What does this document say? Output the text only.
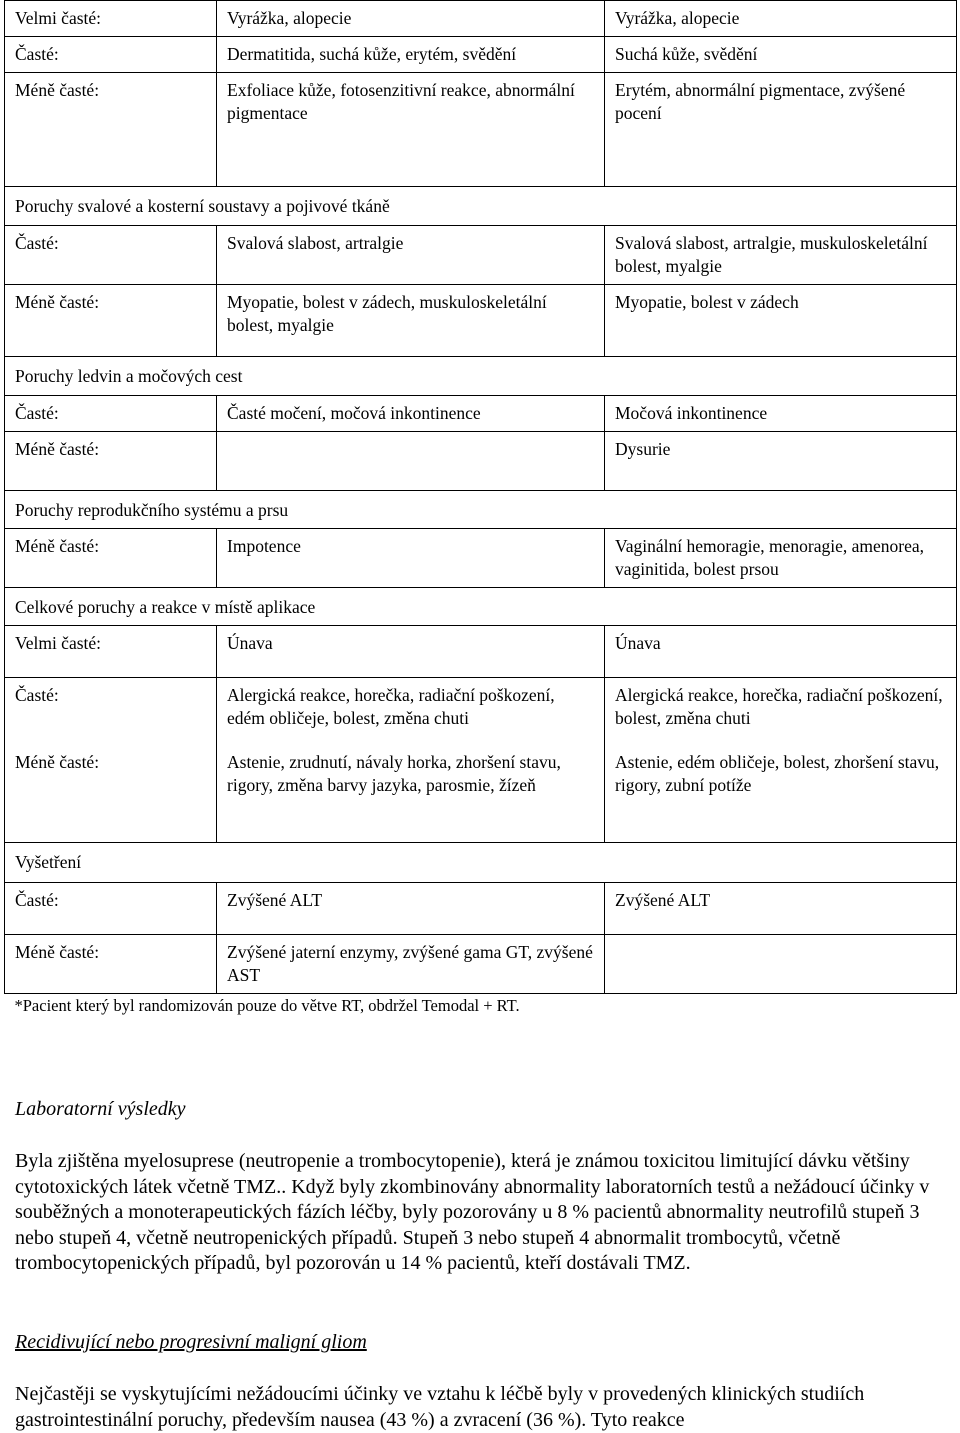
Velmi časté:	Vyrážka, alopecie	Vyrážka, alopecie
Časté:	Dermatitida, suchá kůže, erytém, svědění	Suchá kůže, svědění
Méně časté:	Exfoliace kůže, fotosenzitivní reakce, abnormální pigmentace	Erytém, abnormální pigmentace, zvýšené pocení
Poruchy svalové a kosterní soustavy a pojivové tkáně		
Časté:	Svalová slabost, artralgie	Svalová slabost, artralgie, muskuloskeletální bolest, myalgie
Méně časté:	Myopatie, bolest v zádech, muskuloskeletální bolest, myalgie	Myopatie, bolest v zádech
Poruchy ledvin a močových cest		
Časté:	Časté močení, močová inkontinence	Močová inkontinence
Méně časté:		Dysurie
Poruchy reprodukčního systému a prsu		
Méně časté:	Impotence	Vaginální hemoragie, menoragie, amenorea, vaginitida, bolest prsou
Celkové poruchy a reakce v místě aplikace		
Velmi časté:	Únava	Únava
Časté:	Alergická reakce, horečka, radiační poškození, edém obličeje, bolest, změna chuti	Alergická reakce, horečka, radiační poškození, bolest, změna chuti
Méně časté:	Astenie, zrudnutí, návaly horka, zhoršení stavu, rigory, změna barvy jazyka, parosmie, žízeň	Astenie, edém obličeje, bolest, zhoršení stavu, rigory, zubní potíže
Vyšetření		
Časté:	Zvýšené ALT	Zvýšené ALT
Méně časté:	Zvýšené jaterní enzymy, zvýšené gama GT, zvýšené AST	
*Pacient který byl randomizován pouze do větve RT, obdržel Temodal + RT.		
Laboratorní výsledky
Byla zjištěna myelosuprese (neutropenie a trombocytopenie), která je známou toxicitou limitující dávku většiny cytotoxických látek včetně TMZ.. Když byly zkombinovány abnormality laboratorních testů a nežádoucí účinky v souběžných a monoterapeutických fázích léčby, byly pozorovány u 8 % pacientů abnormality neutrofilů stupeň 3 nebo stupeň 4, včetně neutropenických případů. Stupeň 3 nebo stupeň 4 abnormalit trombocytů, včetně trombocytopenických případů, byl pozorován u 14 % pacientů, kteří dostávali TMZ.
Recidivující nebo progresivní maligní gliom
Nejčastěji se vyskytujícími nežádoucími účinky ve vztahu k léčbě byly v provedených klinických studiích gastrointestinální poruchy, především nausea (43 %) a zvracení (36 %). Tyto reakce
